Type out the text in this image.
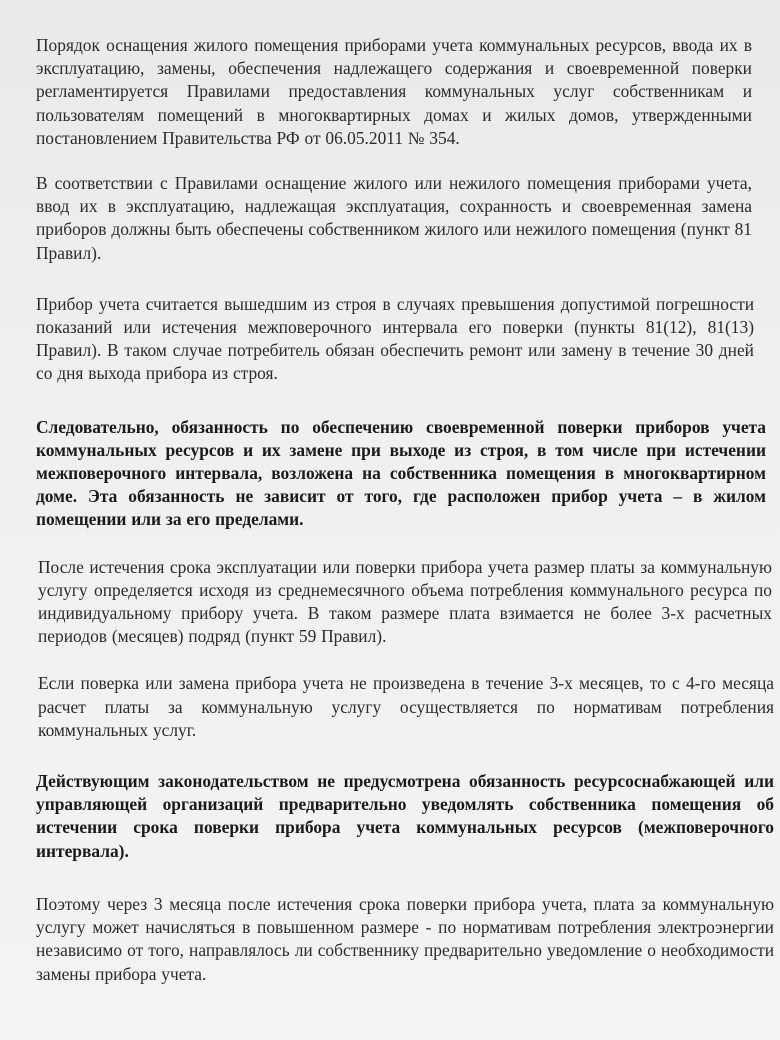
Порядок оснащения жилого помещения приборами учета коммунальных ресурсов, ввода их в эксплуатацию, замены, обеспечения надлежащего содержания и своевременной поверки регламентируется Правилами предоставления коммунальных услуг собственникам и пользователям помещений в многоквартирных домах и жилых домов, утвержденными постановлением Правительства РФ от 06.05.2011 № 354.

В соответствии с Правилами оснащение жилого или нежилого помещения приборами учета, ввод их в эксплуатацию, надлежащая эксплуатация, сохранность и своевременная замена приборов должны быть обеспечены собственником жилого или нежилого помещения (пункт 81 Правил).

Прибор учета считается вышедшим из строя в случаях превышения допустимой погрешности показаний или истечения межповерочного интервала его поверки (пункты 81(12), 81(13) Правил). В таком случае потребитель обязан обеспечить ремонт или замену в течение 30 дней со дня выхода прибора из строя.

Следовательно, обязанность по обеспечению своевременной поверки приборов учета коммунальных ресурсов и их замене при выходе из строя, в том числе при истечении межповерочного интервала, возложена на собственника помещения в многоквартирном доме. Эта обязанность не зависит от того, где расположен прибор учета – в жилом помещении или за его пределами.

После истечения срока эксплуатации или поверки прибора учета размер платы за коммунальную услугу определяется исходя из среднемесячного объема потребления коммунального ресурса по индивидуальному прибору учета. В таком размере плата взимается не более 3-х расчетных периодов (месяцев) подряд (пункт 59 Правил).

Если поверка или замена прибора учета не произведена в течение 3-х месяцев, то с 4-го месяца расчет платы за коммунальную услугу осуществляется по нормативам потребления коммунальных услуг.

Действующим законодательством не предусмотрена обязанность ресурсоснабжающей или управляющей организаций предварительно уведомлять собственника помещения об истечении срока поверки прибора учета коммунальных ресурсов (межповерочного интервала).

Поэтому через 3 месяца после истечения срока поверки прибора учета, плата за коммунальную услугу может начисляться в повышенном размере - по нормативам потребления электроэнергии независимо от того, направлялось ли собственнику предварительно уведомление о необходимости замены прибора учета.
